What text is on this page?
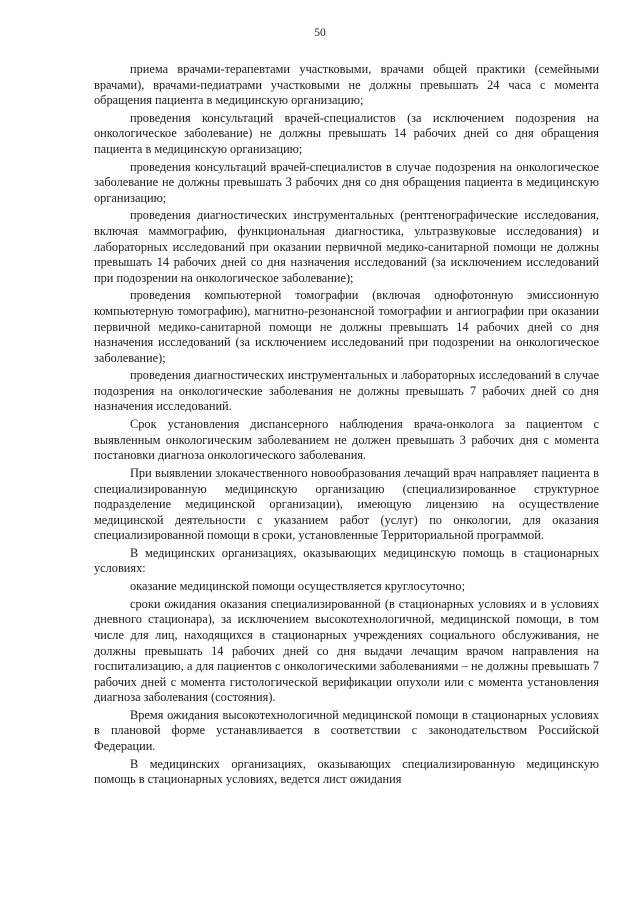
50

приема врачами-терапевтами участковыми, врачами общей практики (семейными врачами), врачами-педиатрами участковыми не должны превышать 24 часа с момента обращения пациента в медицинскую организацию;

проведения консультаций врачей-специалистов (за исключением подозрения на онкологическое заболевание) не должны превышать 14 рабочих дней со дня обращения пациента в медицинскую организацию;

проведения консультаций врачей-специалистов в случае подозрения на онкологическое заболевание не должны превышать 3 рабочих дня со дня обращения пациента в медицинскую организацию;

проведения диагностических инструментальных (рентгенографические исследования, включая маммографию, функциональная диагностика, ультразвуковые исследования) и лабораторных исследований при оказании первичной медико-санитарной помощи не должны превышать 14 рабочих дней со дня назначения исследований (за исключением исследований при подозрении на онкологическое заболевание);

проведения компьютерной томографии (включая однофотонную эмиссионную компьютерную томографию), магнитно-резонансной томографии и ангиографии при оказании первичной медико-санитарной помощи не должны превышать 14 рабочих дней со дня назначения исследований (за исключением исследований при подозрении на онкологическое заболевание);

проведения диагностических инструментальных и лабораторных исследований в случае подозрения на онкологические заболевания не должны превышать 7 рабочих дней со дня назначения исследований.

Срок установления диспансерного наблюдения врача-онколога за пациентом с выявленным онкологическим заболеванием не должен превышать 3 рабочих дня с момента постановки диагноза онкологического заболевания.

При выявлении злокачественного новообразования лечащий врач направляет пациента в специализированную медицинскую организацию (специализированное структурное подразделение медицинской организации), имеющую лицензию на осуществление медицинской деятельности с указанием работ (услуг) по онкологии, для оказания специализированной помощи в сроки, установленные Территориальной программой.

В медицинских организациях, оказывающих медицинскую помощь в стационарных условиях:

оказание медицинской помощи осуществляется круглосуточно;

сроки ожидания оказания специализированной (в стационарных условиях и в условиях дневного стационара), за исключением высокотехнологичной, медицинской помощи, в том числе для лиц, находящихся в стационарных учреждениях социального обслуживания, не должны превышать 14 рабочих дней со дня выдачи лечащим врачом направления на госпитализацию, а для пациентов с онкологическими заболеваниями – не должны превышать 7 рабочих дней с момента гистологической верификации опухоли или с момента установления диагноза заболевания (состояния).

Время ожидания высокотехнологичной медицинской помощи в стационарных условиях в плановой форме устанавливается в соответствии с законодательством Российской Федерации.

В медицинских организациях, оказывающих специализированную медицинскую помощь в стационарных условиях, ведется лист ожидания
